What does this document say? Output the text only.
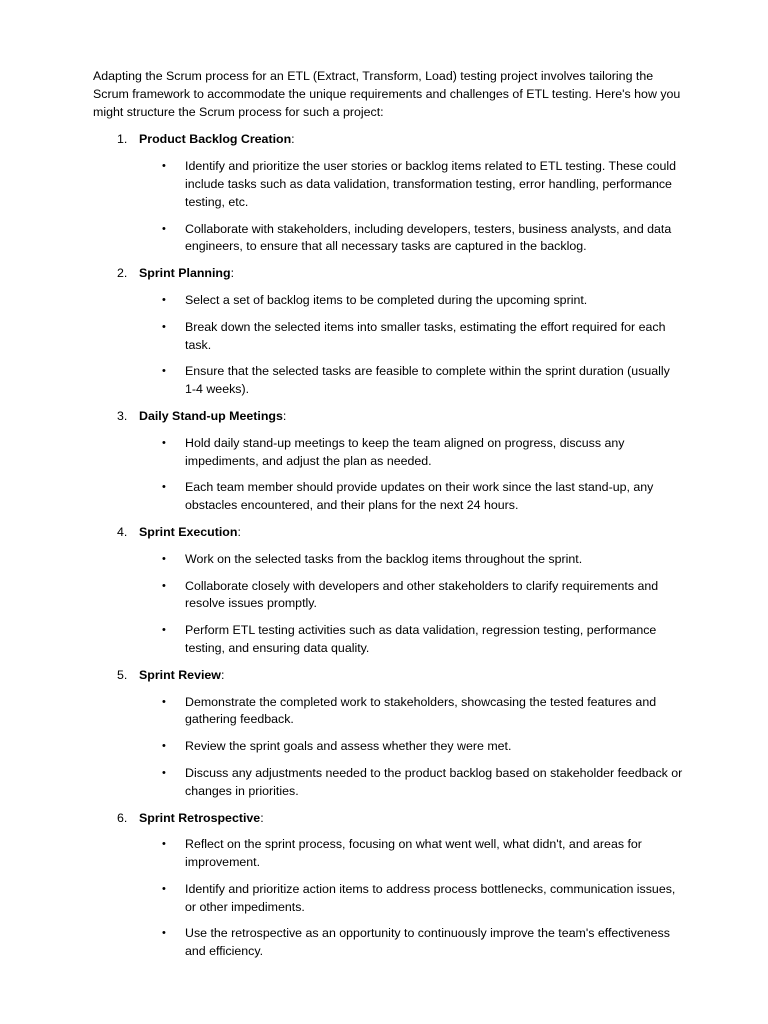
Adapting the Scrum process for an ETL (Extract, Transform, Load) testing project involves tailoring the Scrum framework to accommodate the unique requirements and challenges of ETL testing. Here's how you might structure the Scrum process for such a project:

1. Product Backlog Creation:
• Identify and prioritize the user stories or backlog items related to ETL testing. These could include tasks such as data validation, transformation testing, error handling, performance testing, etc.
• Collaborate with stakeholders, including developers, testers, business analysts, and data engineers, to ensure that all necessary tasks are captured in the backlog.
2. Sprint Planning:
• Select a set of backlog items to be completed during the upcoming sprint.
• Break down the selected items into smaller tasks, estimating the effort required for each task.
• Ensure that the selected tasks are feasible to complete within the sprint duration (usually 1-4 weeks).
3. Daily Stand-up Meetings:
• Hold daily stand-up meetings to keep the team aligned on progress, discuss any impediments, and adjust the plan as needed.
• Each team member should provide updates on their work since the last stand-up, any obstacles encountered, and their plans for the next 24 hours.
4. Sprint Execution:
• Work on the selected tasks from the backlog items throughout the sprint.
• Collaborate closely with developers and other stakeholders to clarify requirements and resolve issues promptly.
• Perform ETL testing activities such as data validation, regression testing, performance testing, and ensuring data quality.
5. Sprint Review:
• Demonstrate the completed work to stakeholders, showcasing the tested features and gathering feedback.
• Review the sprint goals and assess whether they were met.
• Discuss any adjustments needed to the product backlog based on stakeholder feedback or changes in priorities.
6. Sprint Retrospective:
• Reflect on the sprint process, focusing on what went well, what didn't, and areas for improvement.
• Identify and prioritize action items to address process bottlenecks, communication issues, or other impediments.
• Use the retrospective as an opportunity to continuously improve the team's effectiveness and efficiency.
